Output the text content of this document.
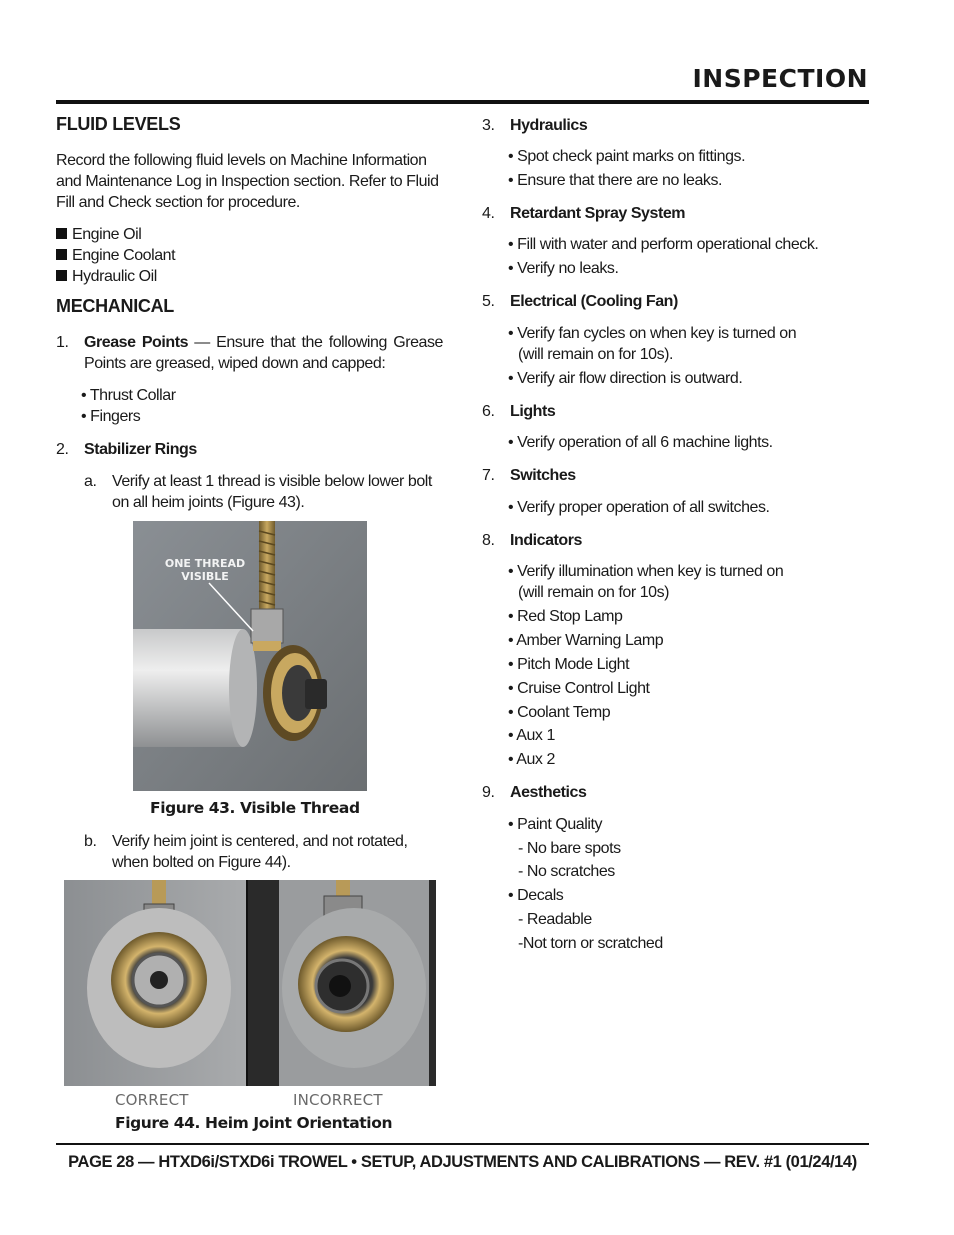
INSPECTION
FLUID LEVELS
Record the following fluid levels on Machine Information and Maintenance Log in Inspection section. Refer to Fluid Fill and Check section for procedure.
Engine Oil
Engine Coolant
Hydraulic Oil
MECHANICAL
1. Grease Points — Ensure that the following Grease Points are greased, wiped down and capped:
• Thrust Collar
• Fingers
2. Stabilizer Rings
a. Verify at least 1 thread is visible below lower bolt on all heim joints (Figure 43).
ONE THREAD
VISIBLE
Figure 43. Visible Thread
b. Verify heim joint is centered, and not rotated, when bolted on Figure 44).
CORRECT	INCORRECT
Figure 44. Heim Joint Orientation
3. Hydraulics
• Spot check paint marks on fittings.
• Ensure that there are no leaks.
4. Retardant Spray System
• Fill with water and perform operational check.
• Verify no leaks.
5. Electrical (Cooling Fan)
• Verify fan cycles on when key is turned on
(will remain on for 10s).
• Verify air flow direction is outward.
6. Lights
• Verify operation of all 6 machine lights.
7. Switches
• Verify proper operation of all switches.
8. Indicators
• Verify illumination when key is turned on
(will remain on for 10s)
• Red Stop Lamp
• Amber Warning Lamp
• Pitch Mode Light
• Cruise Control Light
• Coolant Temp
• Aux 1
• Aux 2
9. Aesthetics
• Paint Quality
- No bare spots
- No scratches
• Decals
- Readable
-Not torn or scratched
PAGE 28 — HTXD6i/STXD6i TROWEL • SETUP, ADJUSTMENTS AND CALIBRATIONS — REV. #1 (01/24/14)
